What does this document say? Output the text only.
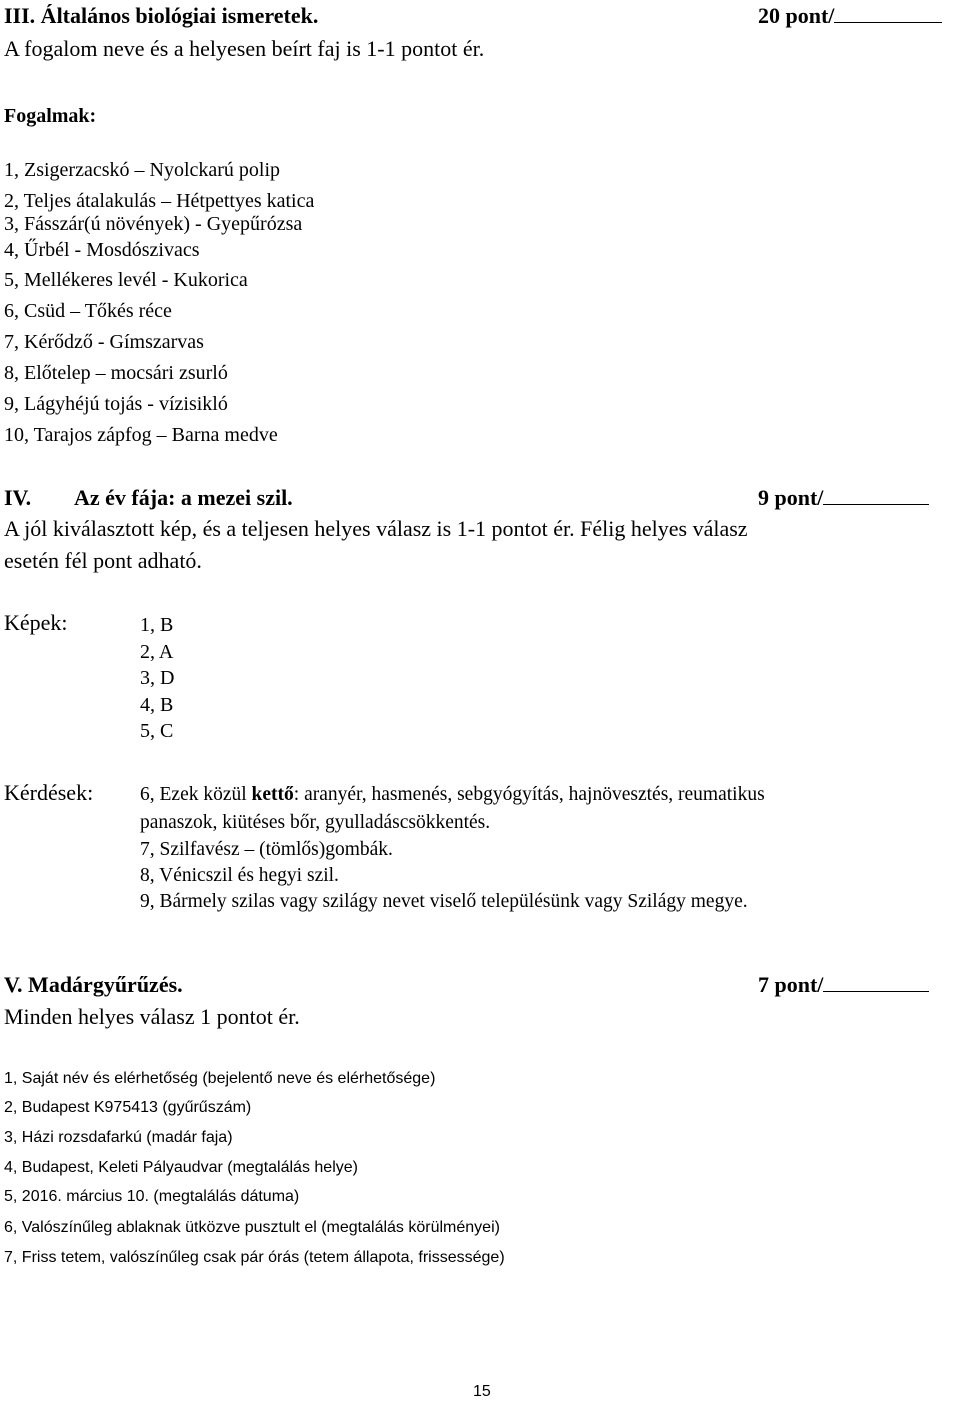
III. Általános biológiai ismeretek.	20 pont/
A fogalom neve és a helyesen beírt faj is 1-1 pontot ér.
Fogalmak:
1, Zsigerzacskó – Nyolckarú polip
2, Teljes átalakulás – Hétpettyes katica
3, Fásszár(ú növények) - Gyepűrózsa
4, Űrbél - Mosdószivacs
5, Mellékeres levél - Kukorica
6, Csüd – Tőkés réce
7, Kérődző - Gímszarvas
8, Előtelep – mocsári zsurló
9, Lágyhéjú tojás - vízisikló
10, Tarajos zápfog – Barna medve
IV. Az év fája: a mezei szil.	9 pont/
A jól kiválasztott kép, és a teljesen helyes válasz is 1-1 pontot ér. Félig helyes válasz
esetén fél pont adható.
Képek:	1, B
2, A
3, D
4, B
5, C
Kérdések: 6, Ezek közül kettő: aranyér, hasmenés, sebgyógyítás, hajnövesztés, reumatikus
panaszok, kiütéses bőr, gyulladáscsökkentés.
7, Szilfavész – (tömlős)gombák.
8, Vénicszil és hegyi szil.
9, Bármely szilas vagy szilágy nevet viselő településünk vagy Szilágy megye.
V. Madárgyűrűzés.	7 pont/
Minden helyes válasz 1 pontot ér.
1, Saját név és elérhetőség (bejelentő neve és elérhetősége)
2, Budapest K975413 (gyűrűszám)
3, Házi rozsdafarkú (madár faja)
4, Budapest, Keleti Pályaudvar (megtalálás helye)
5, 2016. március 10. (megtalálás dátuma)
6, Valószínűleg ablaknak ütközve pusztult el (megtalálás körülményei)
7, Friss tetem, valószínűleg csak pár órás (tetem állapota, frissessége)
15
